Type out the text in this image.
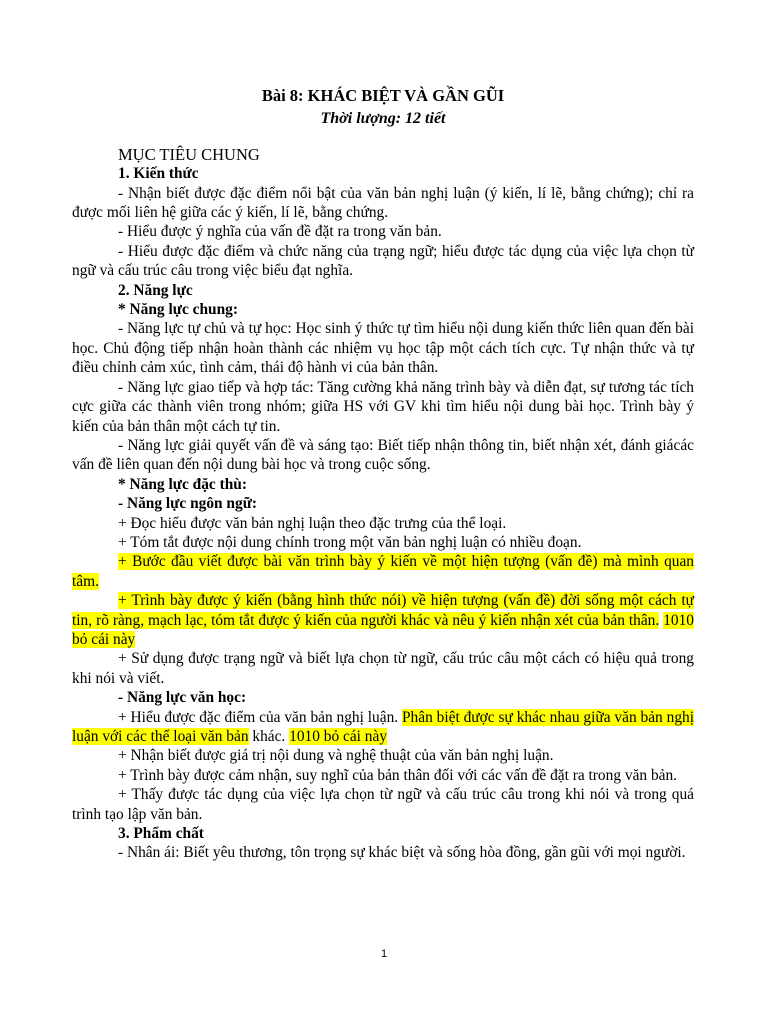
Bài 8: KHÁC BIỆT VÀ GẦN GŨI

Thời lượng: 12 tiết

MỤC TIÊU CHUNG

1. Kiến thức

- Nhận biết được đặc điểm nổi bật của văn bản nghị luận (ý kiến, lí lẽ, bằng chứng); chỉ ra được mối liên hệ giữa các ý kiến, lí lẽ, bằng chứng.

- Hiểu được ý nghĩa của vấn đề đặt ra trong văn bản.

- Hiểu được đặc điểm và chức năng của trạng ngữ; hiểu được tác dụng của việc lựa chọn từ ngữ và cấu trúc câu trong việc biểu đạt nghĩa.

2. Năng lực

* Năng lực chung:

- Năng lực tự chủ và tự học: Học sinh ý thức tự tìm hiểu nội dung kiến thức liên quan đến bài học. Chủ động tiếp nhận hoàn thành các nhiệm vụ học tập một cách tích cực. Tự nhận thức và tự điều chỉnh cảm xúc, tình cảm, thái độ hành vi của bản thân.

- Năng lực giao tiếp và hợp tác: Tăng cường khả năng trình bày và diễn đạt, sự tương tác tích cực giữa các thành viên trong nhóm; giữa HS với GV khi tìm hiểu nội dung bài học. Trình bày ý kiến của bản thân một cách tự tin.

- Năng lực giải quyết vấn đề và sáng tạo: Biết tiếp nhận thông tin, biết nhận xét, đánh giácác vấn đề liên quan đến nội dung bài học và trong cuộc sống.

* Năng lực đặc thù:

- Năng lực ngôn ngữ:

+ Đọc hiểu được văn bản nghị luận theo đặc trưng của thể loại.

+ Tóm tắt được nội dung chính trong một văn bản nghị luận có nhiều đoạn.

+ Bước đầu viết được bài văn trình bày ý kiến về một hiện tượng (vấn đề) mà mình quan tâm.

+ Trình bày được ý kiến (bằng hình thức nói) về hiện tượng (vấn đề) đời sống một cách tự tin, rõ ràng, mạch lạc, tóm tắt được ý kiến của người khác và nêu ý kiến nhận xét của bản thân. 1010 bỏ cái này

+ Sử dụng được trạng ngữ và biết lựa chọn từ ngữ, cấu trúc câu một cách có hiệu quả trong khi nói và viết.

- Năng lực văn học:

+ Hiểu được đặc điểm của văn bản nghị luận. Phân biệt được sự khác nhau giữa văn bản nghị luận với các thể loại văn bản khác. 1010 bỏ cái này

+ Nhận biết được giá trị nội dung và nghệ thuật của văn bản nghị luận.

+ Trình bày được cảm nhận, suy nghĩ của bản thân đối với các vấn đề đặt ra trong văn bản.

+ Thấy được tác dụng của việc lựa chọn từ ngữ và cấu trúc câu trong khi nói và trong quá trình tạo lập văn bản.

3. Phẩm chất

- Nhân ái: Biết yêu thương, tôn trọng sự khác biệt và sống hòa đồng, gần gũi với mọi người.

1
